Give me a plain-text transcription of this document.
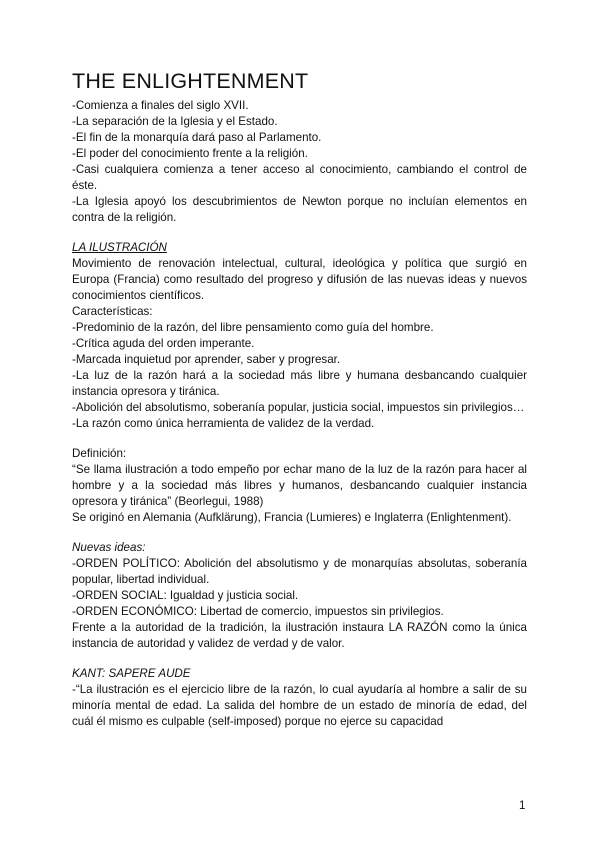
THE ENLIGHTENMENT

-Comienza a finales del siglo XVII.

-La separación de la Iglesia y el Estado.

-El fin de la monarquía dará paso al Parlamento.

-El poder del conocimiento frente a la religión.

-Casi cualquiera comienza a tener acceso al conocimiento, cambiando el control de éste.

-La Iglesia apoyó los descubrimientos de Newton porque no incluían elementos en contra de la religión.

LA ILUSTRACIÓN

Movimiento de renovación intelectual, cultural, ideológica y política que surgió en Europa (Francia) como resultado del progreso y difusión de las nuevas ideas y nuevos conocimientos científicos.

Características:

-Predominio de la razón, del libre pensamiento como guía del hombre.

-Crítica aguda del orden imperante.

-Marcada inquietud por aprender, saber y progresar.

-La luz de la razón hará a la sociedad más libre y humana desbancando cualquier instancia opresora y tiránica.

-Abolición del absolutismo, soberanía popular, justicia social, impuestos sin privilegios…

-La razón como única herramienta de validez de la verdad.

Definición:

“Se llama ilustración a todo empeño por echar mano de la luz de la razón para hacer al hombre y a la sociedad más libres y humanos, desbancando cualquier instancia opresora y tiránica” (Beorlegui, 1988)

Se originó en Alemania (Aufklärung), Francia (Lumieres) e Inglaterra (Enlightenment).

Nuevas ideas:

-ORDEN POLÍTICO: Abolición del absolutismo y de monarquías absolutas, soberanía popular, libertad individual.

-ORDEN SOCIAL: Igualdad y justicia social.

-ORDEN ECONÓMICO: Libertad de comercio, impuestos sin privilegios.

Frente a la autoridad de la tradición, la ilustración instaura LA RAZÓN como la única instancia de autoridad y validez de verdad y de valor.

KANT: SAPERE AUDE

-“La ilustración es el ejercicio libre de la razón, lo cual ayudaría al hombre a salir de su minoría mental de edad. La salida del hombre de un estado de minoría de edad, del cuál él mismo es culpable (self-imposed) porque no ejerce su capacidad

1
